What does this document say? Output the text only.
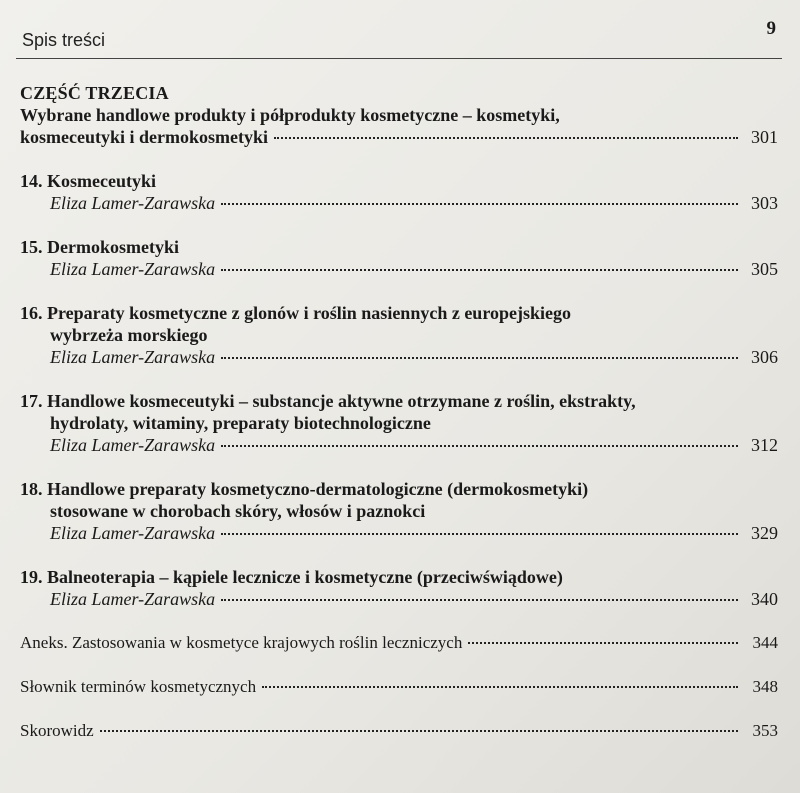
Spis treści
9
CZĘŚĆ TRZECIA
Wybrane handlowe produkty i półprodukty kosmetyczne – kosmetyki,
kosmeceutyki i dermokosmetyki	301
14. Kosmeceutyki
Eliza Lamer-Zarawska	303
15. Dermokosmetyki
Eliza Lamer-Zarawska	305
16. Preparaty kosmetyczne z glonów i roślin nasiennych z europejskiego
wybrzeża morskiego
Eliza Lamer-Zarawska	306
17. Handlowe kosmeceutyki – substancje aktywne otrzymane z roślin, ekstrakty,
hydrolaty, witaminy, preparaty biotechnologiczne
Eliza Lamer-Zarawska	312
18. Handlowe preparaty kosmetyczno-dermatologiczne (dermokosmetyki)
stosowane w chorobach skóry, włosów i paznokci
Eliza Lamer-Zarawska	329
19. Balneoterapia – kąpiele lecznicze i kosmetyczne (przeciwświądowe)
Eliza Lamer-Zarawska	340
Aneks. Zastosowania w kosmetyce krajowych roślin leczniczych	344
Słownik terminów kosmetycznych	348
Skorowidz	353
